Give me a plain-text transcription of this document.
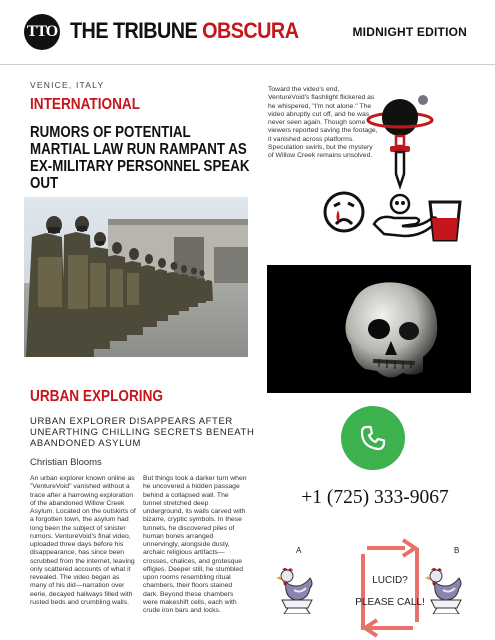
TTO THE TRIBUNE OBSCURA	MIDNIGHT EDITION
VENICE, ITALY
INTERNATIONAL
RUMORS OF POTENTIAL MARTIAL LAW RUN RAMPANT AS EX-MILITARY PERSONNEL SPEAK OUT
URBAN EXPLORING
URBAN EXPLORER DISAPPEARS AFTER UNEARTHING CHILLING SECRETS BENEATH ABANDONED ASYLUM
Christian Blooms
An urban explorer known online as "VentureVoid" vanished without a trace after a harrowing exploration of the abandoned Willow Creek Asylum. Located on the outskirts of a forgotten town, the asylum had long been the subject of sinister rumors. VentureVoid's final video, uploaded three days before his disappearance, has since been scrubbed from the internet, leaving only scattered accounts of what it revealed. The video began as many of his did—narration over eerie, decayed hallways filled with rusted beds and crumbling walls.
But things took a darker turn when he uncovered a hidden passage behind a collapsed wall. The tunnel stretched deep underground, its walls carved with bizarre, cryptic symbols. In these tunnels, he discovered piles of human bones arranged unnervingly, alongside dusty, archaic religious artifacts—crosses, chalices, and grotesque effigies. Deeper still, he stumbled upon rooms resembling ritual chambers, their floors stained dark. Beyond these chambers were makeshift cells, each with crude iron bars and locks.
Toward the video's end, VentureVoid's flashlight flickered as he whispered, "I'm not alone." The video abruptly cut off, and he was never seen again. Though some viewers reported saving the footage, it vanished across platforms. Speculation swirls, but the mystery of Willow Creek remains unsolved.
+1 (725) 333-9067
A	B
LUCID?
PLEASE CALL!
